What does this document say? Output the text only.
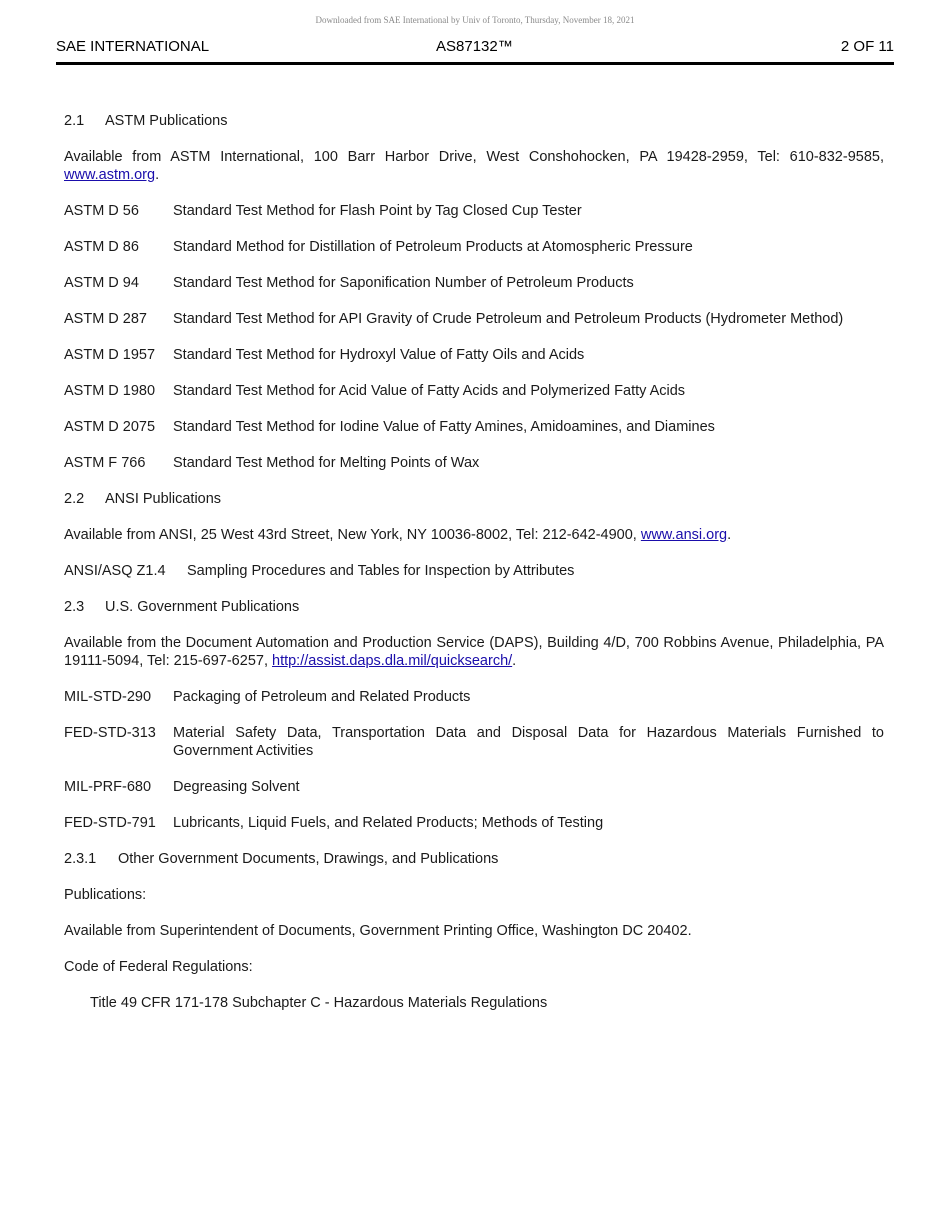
Downloaded from SAE International by Univ of Toronto, Thursday, November 18, 2021
SAE INTERNATIONAL	AS87132™	2 OF 11
2.1	ASTM Publications
Available from ASTM International, 100 Barr Harbor Drive, West Conshohocken, PA 19428-2959, Tel: 610-832-9585, www.astm.org.
ASTM D 56	Standard Test Method for Flash Point by Tag Closed Cup Tester
ASTM D 86	Standard Method for Distillation of Petroleum Products at Atomospheric Pressure
ASTM D 94	Standard Test Method for Saponification Number of Petroleum Products
ASTM D 287	Standard Test Method for API Gravity of Crude Petroleum and Petroleum Products (Hydrometer Method)
ASTM D 1957	Standard Test Method for Hydroxyl Value of Fatty Oils and Acids
ASTM D 1980	Standard Test Method for Acid Value of Fatty Acids and Polymerized Fatty Acids
ASTM D 2075	Standard Test Method for Iodine Value of Fatty Amines, Amidoamines, and Diamines
ASTM F 766	Standard Test Method for Melting Points of Wax
2.2	ANSI Publications
Available from ANSI, 25 West 43rd Street, New York, NY 10036-8002, Tel: 212-642-4900, www.ansi.org.
ANSI/ASQ Z1.4	Sampling Procedures and Tables for Inspection by Attributes
2.3	U.S. Government Publications
Available from the Document Automation and Production Service (DAPS), Building 4/D, 700 Robbins Avenue, Philadelphia, PA 19111-5094, Tel: 215-697-6257, http://assist.daps.dla.mil/quicksearch/.
MIL-STD-290	Packaging of Petroleum and Related Products
FED-STD-313	Material Safety Data, Transportation Data and Disposal Data for Hazardous Materials Furnished to Government Activities
MIL-PRF-680	Degreasing Solvent
FED-STD-791	Lubricants, Liquid Fuels, and Related Products; Methods of Testing
2.3.1	Other Government Documents, Drawings, and Publications
Publications:
Available from Superintendent of Documents, Government Printing Office, Washington DC 20402.
Code of Federal Regulations:
Title 49 CFR 171-178 Subchapter C - Hazardous Materials Regulations
